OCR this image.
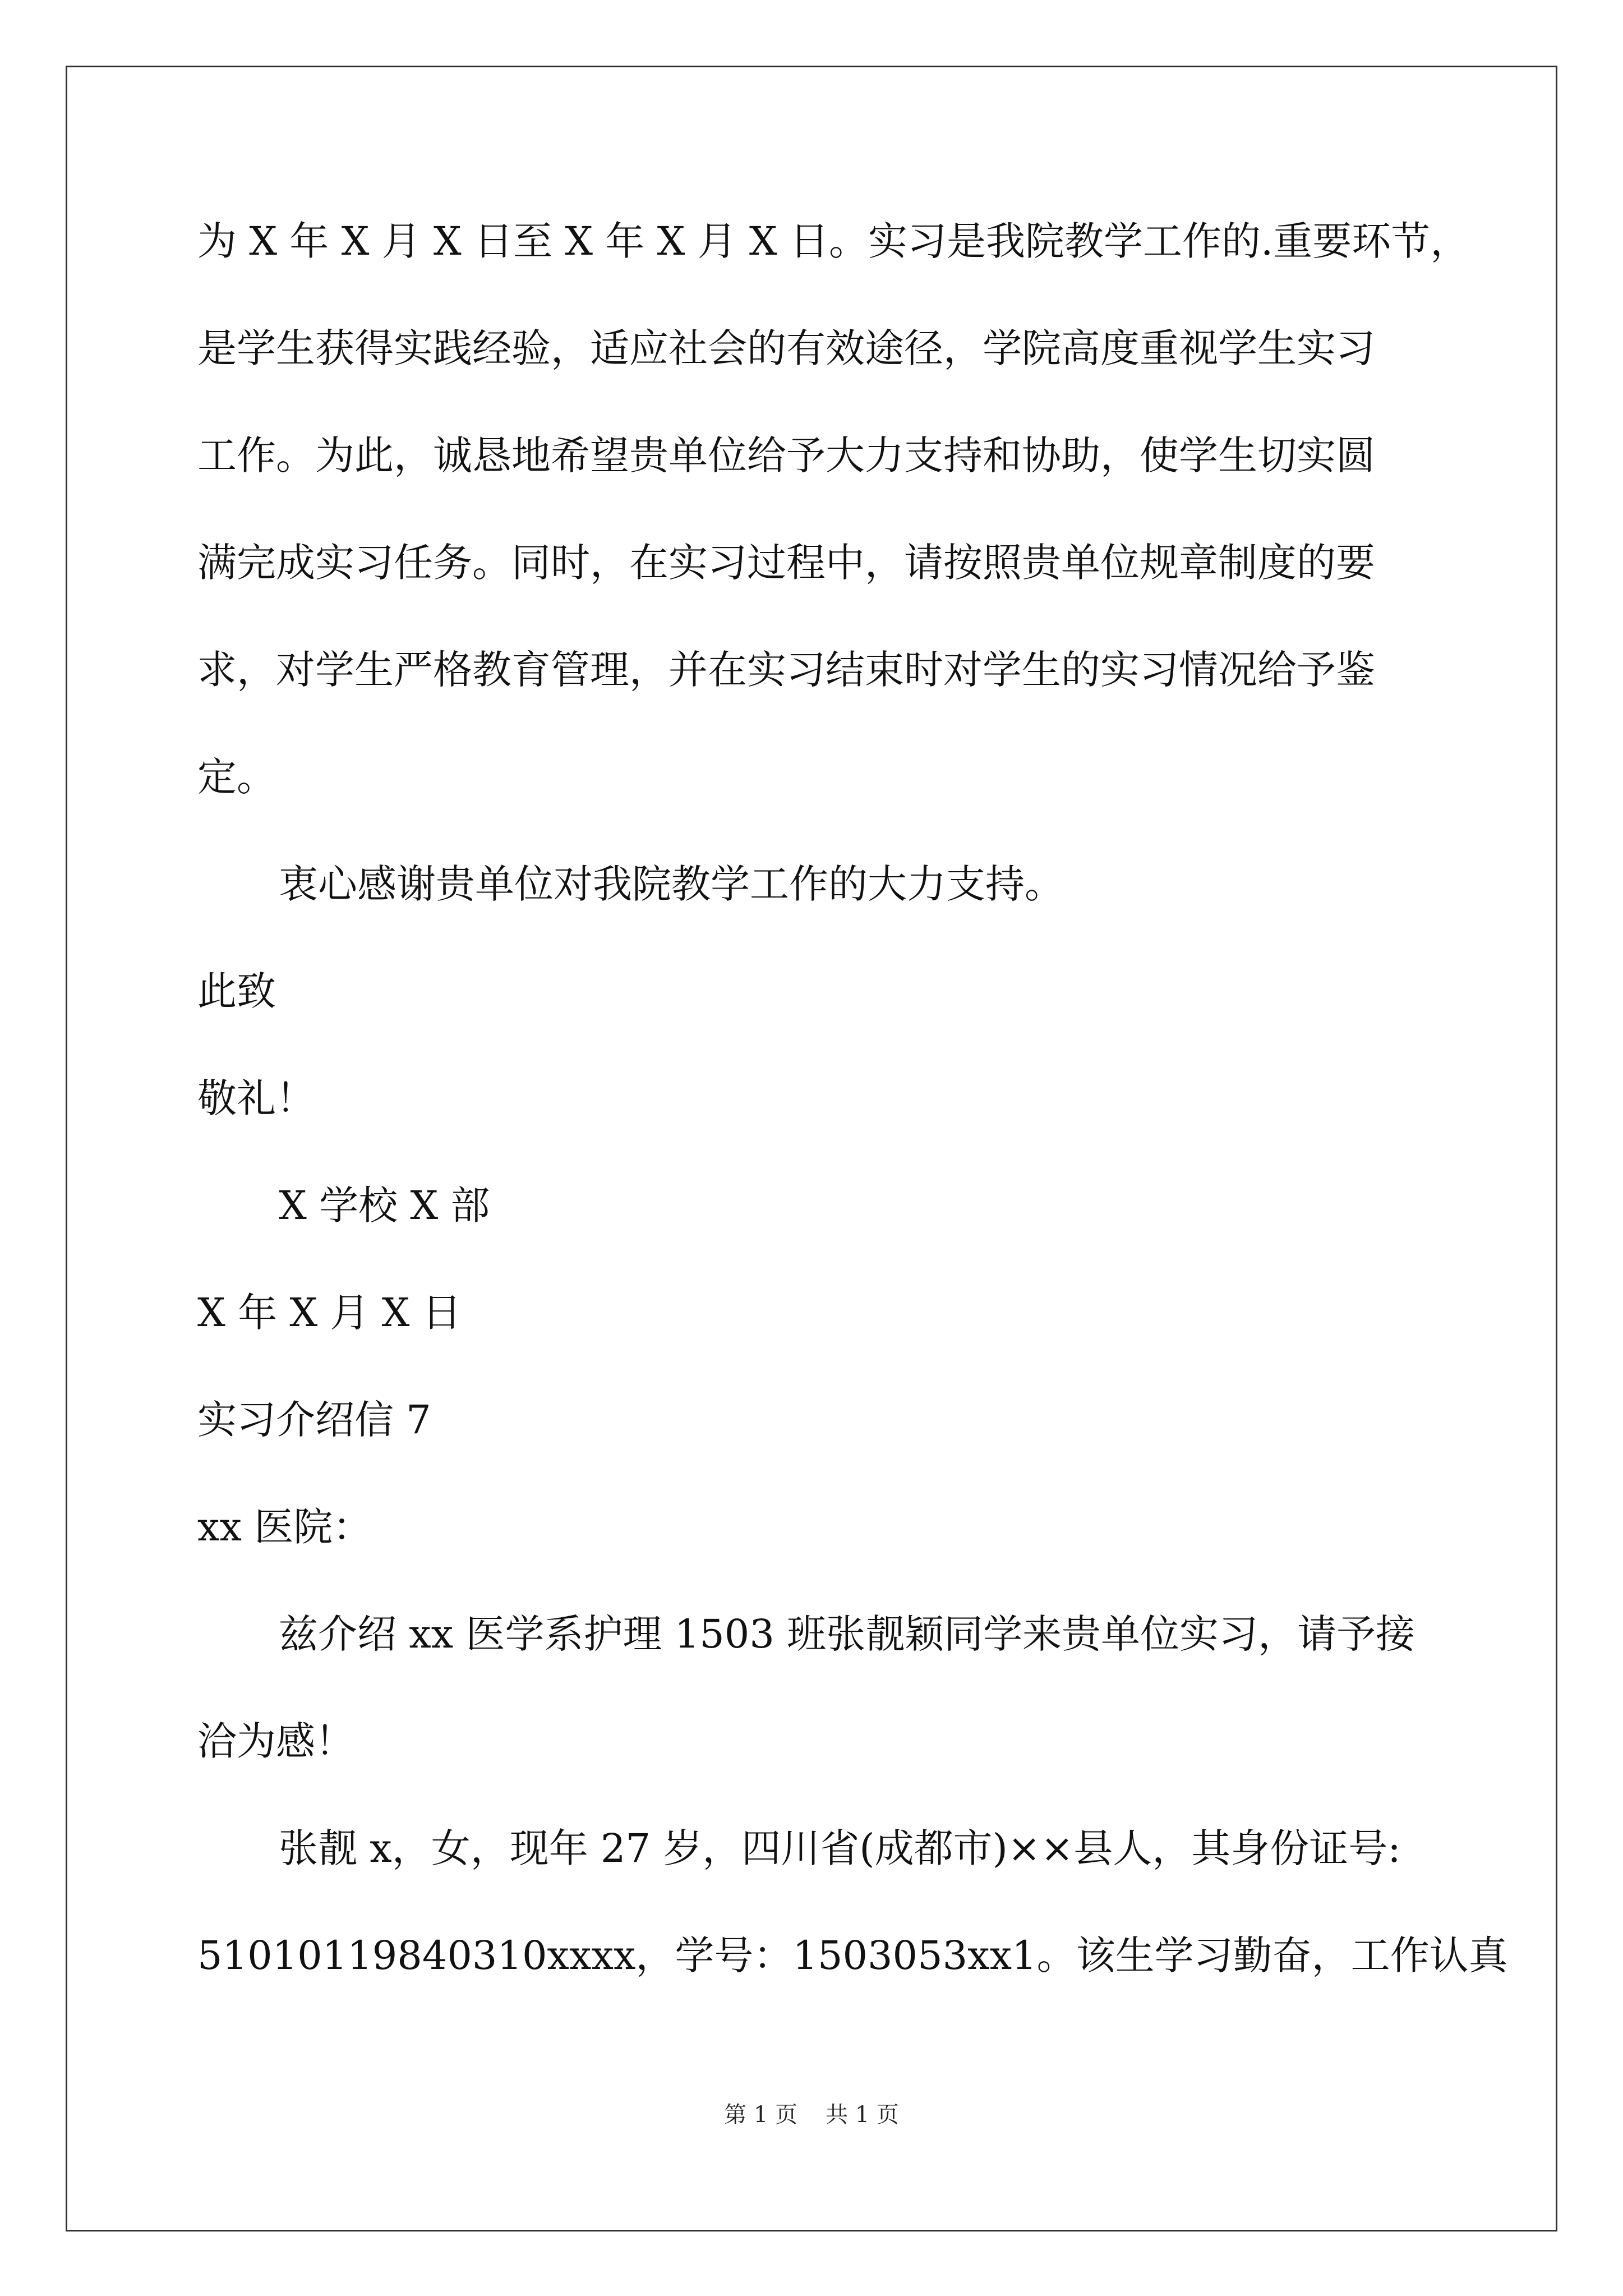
为 X 年 X 月 X 日至 X 年 X 月 X 日。实习是我院教学工作的.重要环节，
是学生获得实践经验，适应社会的有效途径，学院高度重视学生实习
工作。为此，诚恳地希望贵单位给予大力支持和协助，使学生切实圆
满完成实习任务。同时，在实习过程中，请按照贵单位规章制度的要
求，对学生严格教育管理，并在实习结束时对学生的实习情况给予鉴
定。
衷心感谢贵单位对我院教学工作的大力支持。
此致
敬礼！
X 学校 X 部
X 年 X 月 X 日
实习介绍信 7
xx 医院：
兹介绍 xx 医学系护理 1503 班张靓颖同学来贵单位实习，请予接
洽为感！
张靓 x，女，现年 27 岁，四川省(成都市)××县人，其身份证号:
51010119840310xxxx，学号：1503053xx1。该生学习勤奋，工作认真
第 1 页 共 1 页
